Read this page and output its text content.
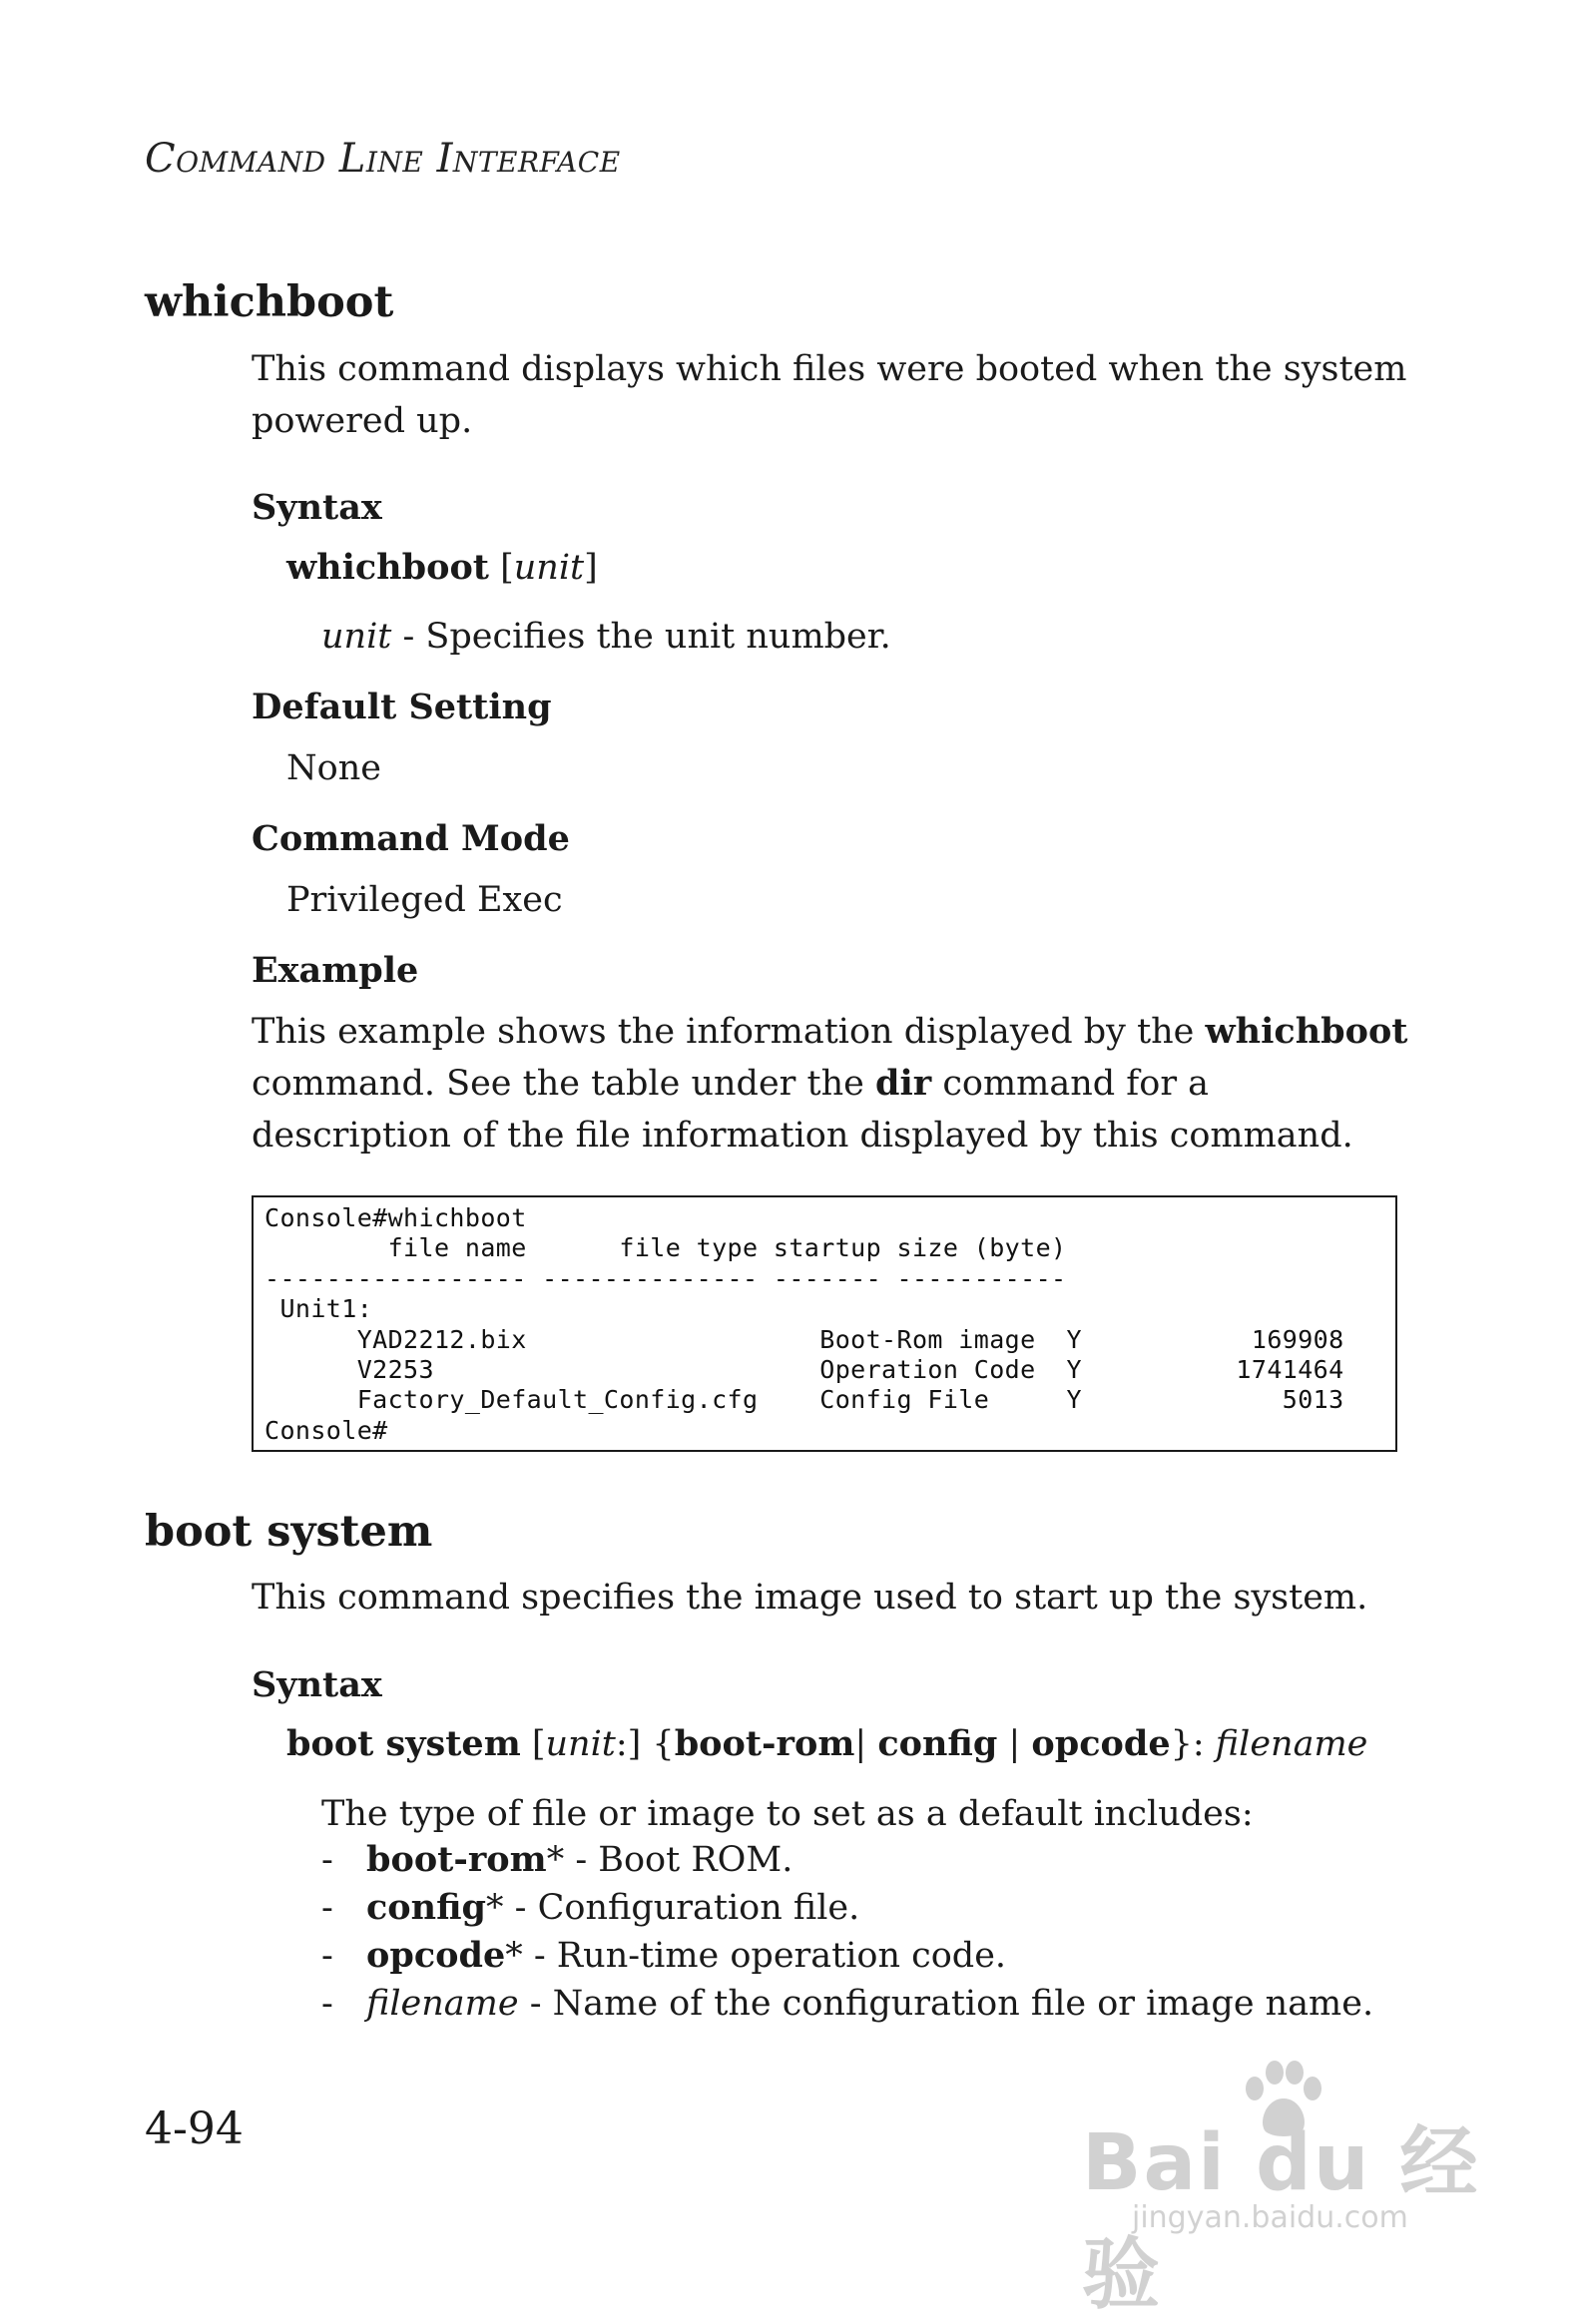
Command Line Interface
whichboot
This command displays which files were booted when the system powered up.
Syntax
whichboot [unit]
unit - Specifies the unit number.
Default Setting
None
Command Mode
Privileged Exec
Example
This example shows the information displayed by the whichboot command. See the table under the dir command for a description of the file information displayed by this command.
Console#whichboot
file name      file type startup size (byte)
----------------- -------------- ------- -----------
Unit1:
YAD2212.bix                   Boot-Rom image  Y           169908
V2253                         Operation Code  Y          1741464
Factory_Default_Config.cfg    Config File     Y             5013
Console#
boot system
This command specifies the image used to start up the system.
Syntax
boot system [unit:] {boot-rom| config | opcode}: filename
The type of file or image to set as a default includes:
- boot-rom* - Boot ROM.
- config* - Configuration file.
- opcode* - Run-time operation code.
- filename - Name of the configuration file or image name.
4-94	Bai du 经验
jingyan.baidu.com
